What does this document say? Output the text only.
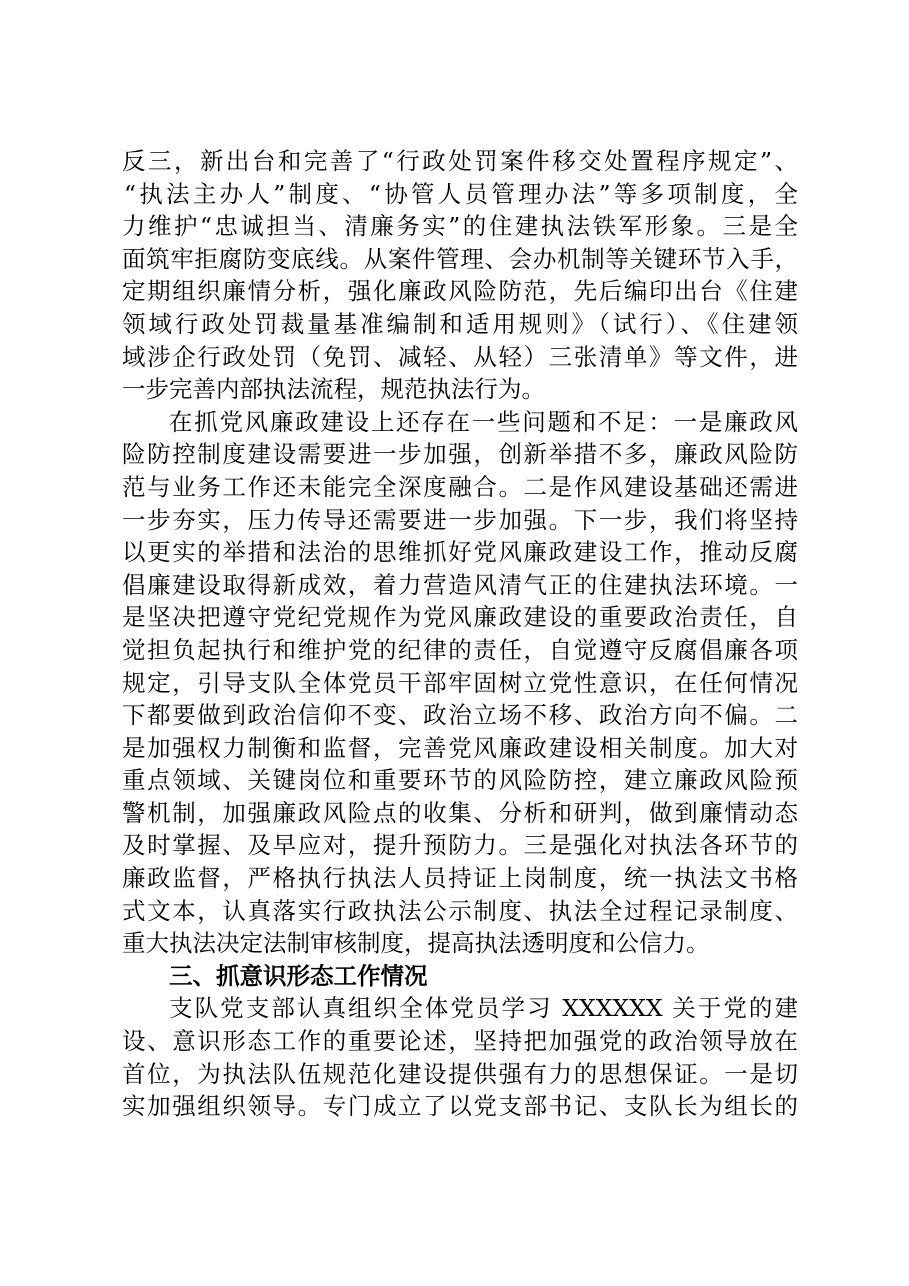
反三，新出台和完善了“行政处罚案件移交处置程序规定”、
“执法主办人”制度、“协管人员管理办法”等多项制度，全
力维护“忠诚担当、清廉务实”的住建执法铁军形象。三是全
面筑牢拒腐防变底线。从案件管理、会办机制等关键环节入手，
定期组织廉情分析，强化廉政风险防范，先后编印出台《住建
领域行政处罚裁量基准编制和适用规则》（试行）、《住建领
域涉企行政处罚（免罚、减轻、从轻）三张清单》等文件，进
一步完善内部执法流程，规范执法行为。
在抓党风廉政建设上还存在一些问题和不足：一是廉政风
险防控制度建设需要进一步加强，创新举措不多，廉政风险防
范与业务工作还未能完全深度融合。二是作风建设基础还需进
一步夯实，压力传导还需要进一步加强。下一步，我们将坚持
以更实的举措和法治的思维抓好党风廉政建设工作，推动反腐
倡廉建设取得新成效，着力营造风清气正的住建执法环境。一
是坚决把遵守党纪党规作为党风廉政建设的重要政治责任，自
觉担负起执行和维护党的纪律的责任，自觉遵守反腐倡廉各项
规定，引导支队全体党员干部牢固树立党性意识，在任何情况
下都要做到政治信仰不变、政治立场不移、政治方向不偏。二
是加强权力制衡和监督，完善党风廉政建设相关制度。加大对
重点领域、关键岗位和重要环节的风险防控，建立廉政风险预
警机制，加强廉政风险点的收集、分析和研判，做到廉情动态
及时掌握、及早应对，提升预防力。三是强化对执法各环节的
廉政监督，严格执行执法人员持证上岗制度，统一执法文书格
式文本，认真落实行政执法公示制度、执法全过程记录制度、
重大执法决定法制审核制度，提高执法透明度和公信力。
三、抓意识形态工作情况
支队党支部认真组织全体党员学习 XXXXXX 关于党的建
设、意识形态工作的重要论述，坚持把加强党的政治领导放在
首位，为执法队伍规范化建设提供强有力的思想保证。一是切
实加强组织领导。专门成立了以党支部书记、支队长为组长的
